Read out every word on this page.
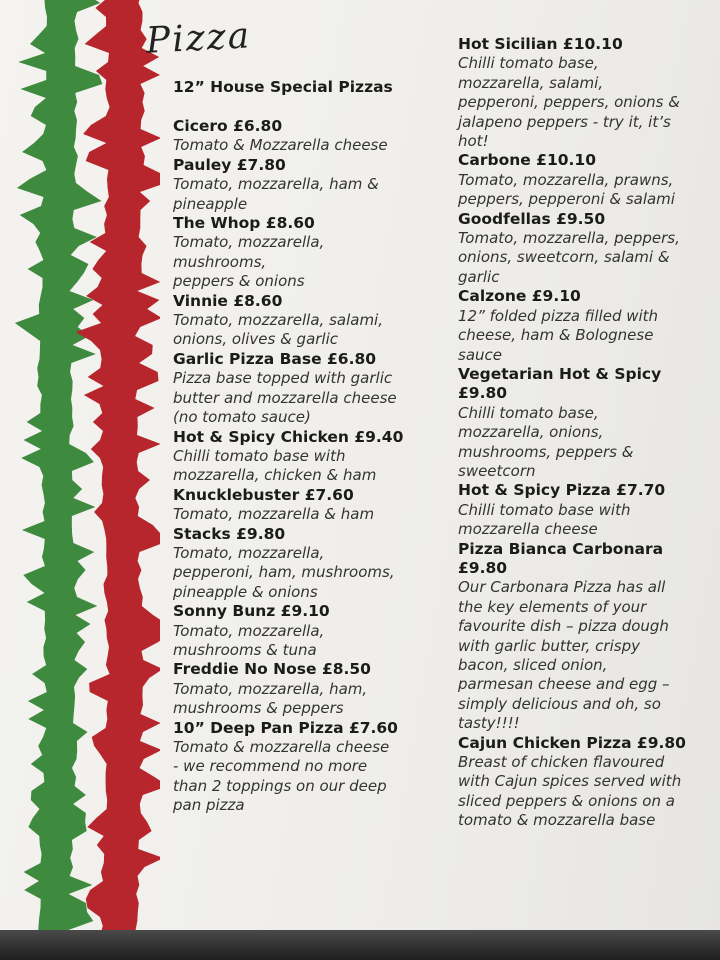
Pizza
12” House Special Pizzas
Cicero £6.80
Tomato & Mozzarella cheese
Pauley £7.80
Tomato, mozzarella, ham &
pineapple
The Whop £8.60
Tomato, mozzarella,
mushrooms,
peppers & onions
Vinnie £8.60
Tomato, mozzarella, salami,
onions, olives & garlic
Garlic Pizza Base £6.80
Pizza base topped with garlic
butter and mozzarella cheese
(no tomato sauce)
Hot & Spicy Chicken £9.40
Chilli tomato base with
mozzarella, chicken & ham
Knucklebuster £7.60
Tomato, mozzarella & ham
Stacks £9.80
Tomato, mozzarella,
pepperoni, ham, mushrooms,
pineapple & onions
Sonny Bunz £9.10
Tomato, mozzarella,
mushrooms & tuna
Freddie No Nose £8.50
Tomato, mozzarella, ham,
mushrooms & peppers
10” Deep Pan Pizza £7.60
Tomato & mozzarella cheese
- we recommend no more
than 2 toppings on our deep
pan pizza
Hot Sicilian £10.10
Chilli tomato base,
mozzarella, salami,
pepperoni, peppers, onions &
jalapeno peppers - try it, it’s
hot!
Carbone £10.10
Tomato, mozzarella, prawns,
peppers, pepperoni & salami
Goodfellas £9.50
Tomato, mozzarella, peppers,
onions, sweetcorn, salami &
garlic
Calzone £9.10
12” folded pizza filled with
cheese, ham & Bolognese
sauce
Vegetarian Hot & Spicy
£9.80
Chilli tomato base,
mozzarella, onions,
mushrooms, peppers &
sweetcorn
Hot & Spicy Pizza £7.70
Chilli tomato base with
mozzarella cheese
Pizza Bianca Carbonara
£9.80
Our Carbonara Pizza has all
the key elements of your
favourite dish – pizza dough
with garlic butter, crispy
bacon, sliced onion,
parmesan cheese and egg –
simply delicious and oh, so
tasty!!!!
Cajun Chicken Pizza £9.80
Breast of chicken flavoured
with Cajun spices served with
sliced peppers & onions on a
tomato & mozzarella base
